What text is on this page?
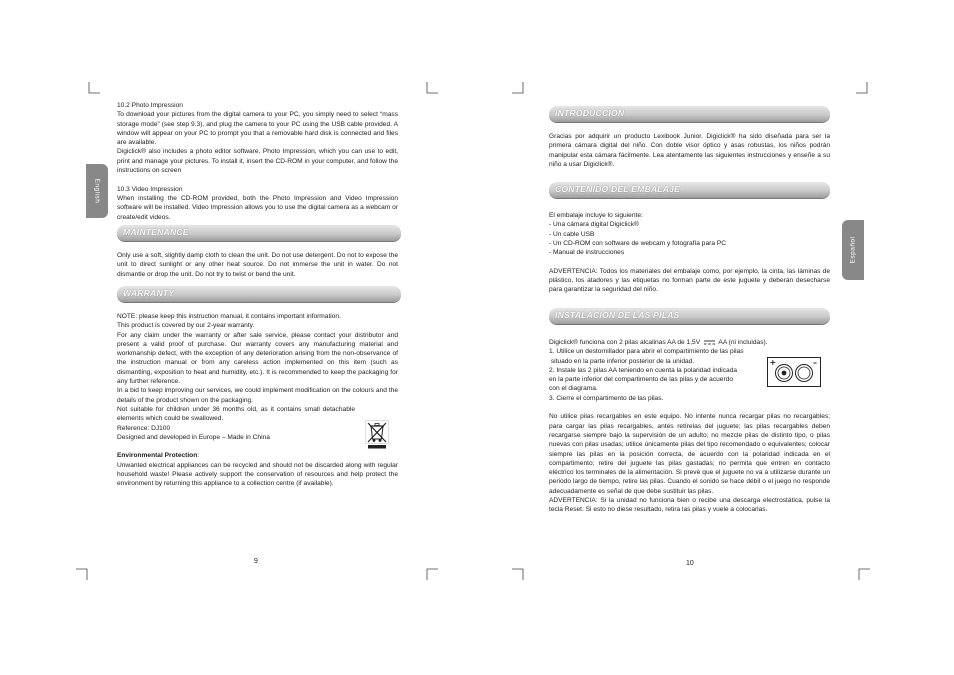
English
Español

10.2 Photo Impression

To download your pictures from the digital camera to your PC, you simply need to select “mass storage mode” (see step 9.3), and plug the camera to your PC using the USB cable provided. A window will appear on your PC to prompt you that a removable hard disk is connected and files are available.

Digiclick® also includes a photo editor software, Photo Impression, which you can use to edit, print and manage your pictures. To install it, insert the CD-ROM in your computer, and follow the instructions on screen

10.3 Video Impression

When installing the CD-ROM provided, both the Photo Impression and Video Impression software will be installed. Video Impression allows you to use the digital camera as a webcam or create/edit videos.

MAINTENANCE

Only use a soft, slightly damp cloth to clean the unit. Do not use detergent. Do not to expose the unit to direct sunlight or any other heat source. Do not immerse the unit in water. Do not dismantle or drop the unit. Do not try to twist or bend the unit.

WARRANTY

NOTE: please keep this instruction manual, it contains important information.

This product is covered by our 2-year warranty.

For any claim under the warranty or after sale service, please contact your distributor and present a valid proof of purchase. Our warranty covers any manufacturing material and workmanship defect, with the exception of any deterioration arising from the non-observance of the instruction manual or from any careless action implemented on this item (such as dismantling, exposition to heat and humidity, etc.). It is recommended to keep the packaging for any further reference.

In a bid to keep improving our services, we could implement modification on the colours and the details of the product shown on the packaging.

Not suitable for children under 36 months old, as it contains small detachable elements which could be swallowed.

Reference: DJ100

Designed and developed in Europe – Made in China

Environmental Protection:

Unwanted electrical appliances can be recycled and should not be discarded along with regular household waste! Please actively support the conservation of resources and help protect the environment by returning this appliance to a collection centre (if available).

9
INTRODUCCIÓN

Gracias por adquirir un producto Lexibook Junior. Digiclick® ha sido diseñada para ser la primera cámara digital del niño. Con doble visor óptico y asas robustas, los niños podrán manipular esta cámara fácilmente. Lea atentamente las siguientes instrucciones y enseñe a su niño a usar Digiclick®.

CONTENIDO DEL EMBALAJE

El embalaje incluye lo siguiente:

- Una cámara digital Digiclick®

- Un cable USB

- Un CD-ROM con software de webcam y fotografía para PC

- Manual de instrucciones

ADVERTENCIA: Todos los materiales del embalaje como, por ejemplo, la cinta, las láminas de plástico, los atadores y las etiquetas no forman parte de este juguete y deberán desecharse para garantizar la seguridad del niño.

INSTALACIÓN DE LAS PILAS

Digiclick® funciona con 2 pilas alcalinas AA de 1,5V	AA (ni incluidas).

1. Utilice un destornillador para abrir el compartimiento de las pilas

situado en la parte inferior posterior de la unidad.

2. Instale las 2 pilas AA teniendo en cuenta la polaridad indicada

en la parte inferior del compartimento de las pilas y de acuerdo

con el diagrama.

3. Cierre el compartimento de las pilas.

No utilice pilas recargables en este equipo. No intente nunca recargar pilas no recargables; para cargar las pilas recargables, antes retírelas del juguete; las pilas recargables deben recargarse siempre bajo la supervisión de un adulto; no mezcle pilas de distinto tipo, o pilas nuevas con pilas usadas; utilice únicamente pilas del tipo recomendado o equivalentes; colocar siempre las pilas en la posición correcta, de acuerdo con la polaridad indicada en el compartimento; retire del juguete las pilas gastadas; no permita que entren en contacto eléctrico los terminales de la alimentación. Si prevé que el juguete no va a utilizarse durante un periodo largo de tiempo, retire las pilas. Cuando el sonido se hace débil o el juego no responde adecuadamente es señal de que debe sustituir las pilas.

ADVERTENCIA: Si la unidad no funciona bien o recibe una descarga electrostática, pulse la tecla Reset. Si esto no diese resultado, retira las pilas y vuele a colocarlas.

+	–
10
